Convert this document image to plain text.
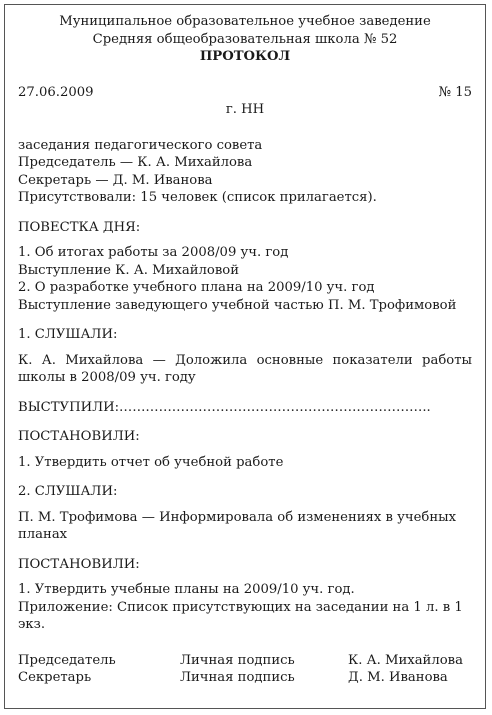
Муниципальное образовательное учебное заведение

Средняя общеобразовательная школа № 52

ПРОТОКОЛ

27.06.2009	№ 15

г. НН

заседания педагогического совета

Председатель — К. А. Михайлова

Секретарь — Д. М. Иванова

Присутствовали: 15 человек (список прилагается).

ПОВЕСТКА ДНЯ:

1. Об итогах работы за 2008/09 уч. год

Выступление К. А. Михайловой

2. О разработке учебного плана на 2009/10 уч. год

Выступление заведующего учебной частью П. М. Трофимовой

1. СЛУШАЛИ:

К. А. Михайлова — Доложила основные показатели работы школы в 2008/09 уч. году

ВЫСТУПИЛИ:……………………………………………………………..

ПОСТАНОВИЛИ:

1. Утвердить отчет об учебной работе

2. СЛУШАЛИ:

П. М. Трофимова — Информировала об изменениях в учебных планах

ПОСТАНОВИЛИ:

1. Утвердить учебные планы на 2009/10 уч. год.

Приложение: Список присутствующих на заседании на 1 л. в 1 экз.

Председатель	Личная подпись	К. А. Михайлова
Секретарь	Личная подпись	Д. М. Иванова
